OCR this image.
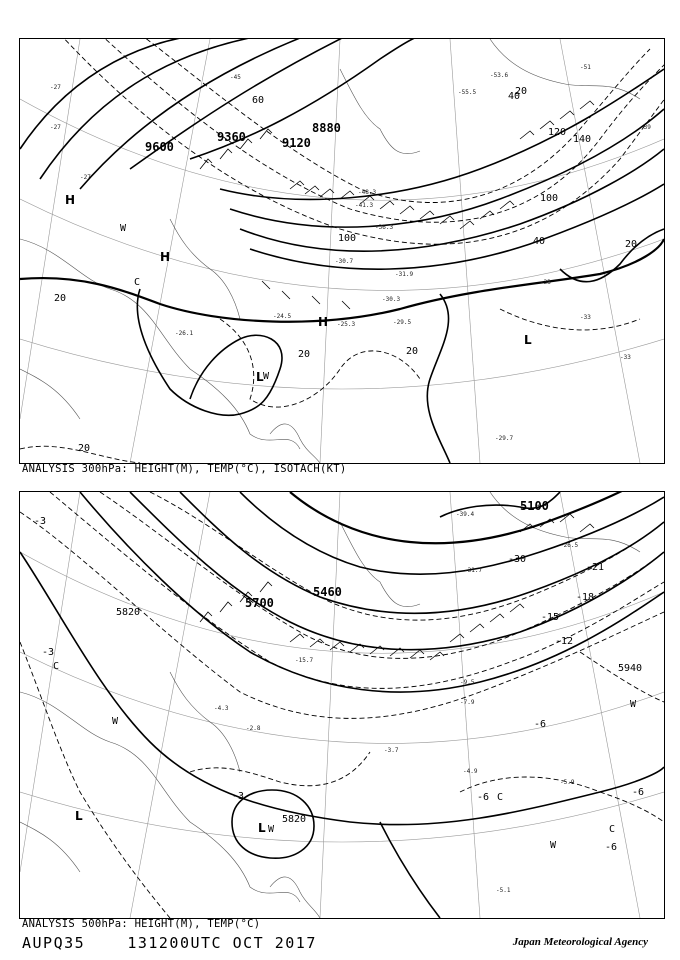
9600
9360	9120
8880
20
40
60
100
120
140
20
20
20
20
100	40
20
H
H
H
L
L
W
W
C
-27
-27
-27
-33
-33
-33
-39
-45
-51
-53.6
-55.5
-48.3
-41.3
-36.3
-30.7
-31.9
-30.3
-29.5
-26.1
-25.3
-24.5
-29.7
ANALYSIS 300hPa: HEIGHT(M), TEMP(°C), ISOTACH(KT)
5100
5460
5700
5820
5940
5820
-3
-3
-3
-6
-6	-6
-6
-18
-21
-12
-15
-30
L
L W
W
C
C
W
C
W
-39.4
-31.7
-26.5
-15.7
-9.5
-7.9
-4.9
-5.9
-5.1
-3.7
-2.8
-4.3
ANALYSIS 500hPa: HEIGHT(M), TEMP(°C)
AUPQ35	131200UTC OCT 2017	Japan Meteorological Agency
